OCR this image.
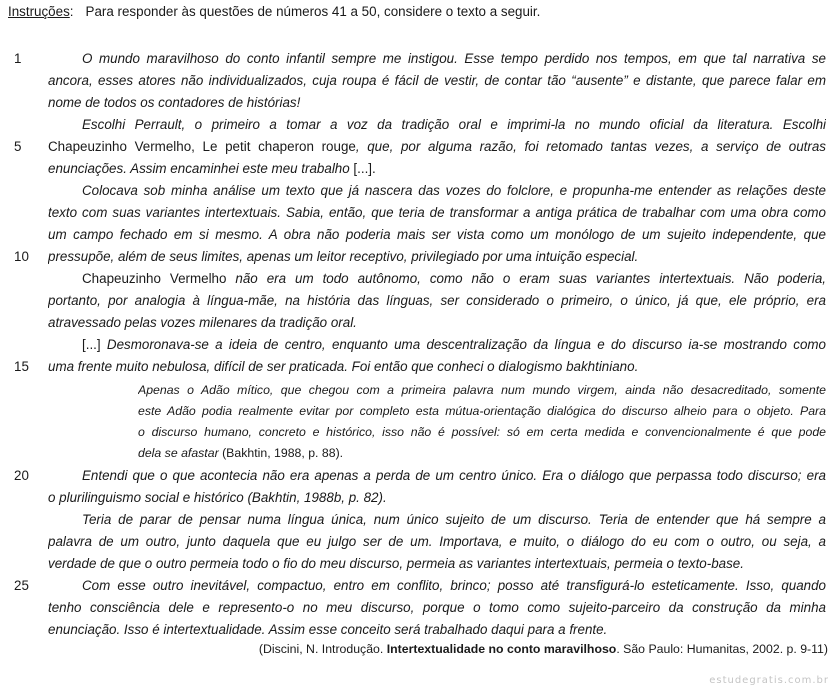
Instruções: Para responder às questões de números 41 a 50, considere o texto a seguir.
1	O mundo maravilhoso do conto infantil sempre me instigou. Esse tempo perdido nos tempos, em que tal narrativa se
ancora, esses atores não individualizados, cuja roupa é fácil de vestir, de contar tão “ausente” e distante, que parece falar em
nome de todos os contadores de histórias!
Escolhi Perrault, o primeiro a tomar a voz da tradição oral e imprimi-la no mundo oficial da literatura. Escolhi
5	Chapeuzinho Vermelho, Le petit chaperon rouge, que, por alguma razão, foi retomado tantas vezes, a serviço de outras
enunciações. Assim encaminhei este meu trabalho [...].
Colocava sob minha análise um texto que já nascera das vozes do folclore, e propunha-me entender as relações deste
texto com suas variantes intertextuais. Sabia, então, que teria de transformar a antiga prática de trabalhar com uma obra como
um campo fechado em si mesmo. A obra não poderia mais ser vista como um monólogo de um sujeito independente, que
10	pressupõe, além de seus limites, apenas um leitor receptivo, privilegiado por uma intuição especial.
Chapeuzinho Vermelho não era um todo autônomo, como não o eram suas variantes intertextuais. Não poderia,
portanto, por analogia à língua-mãe, na história das línguas, ser considerado o primeiro, o único, já que, ele próprio, era
atravessado pelas vozes milenares da tradição oral.
[...] Desmoronava-se a ideia de centro, enquanto uma descentralização da língua e do discurso ia-se mostrando como
15	uma frente muito nebulosa, difícil de ser praticada. Foi então que conheci o dialogismo bakhtiniano.
Apenas o Adão mítico, que chegou com a primeira palavra num mundo virgem, ainda não desacreditado, somente
este Adão podia realmente evitar por completo esta mútua-orientação dialógica do discurso alheio para o objeto. Para
o discurso humano, concreto e histórico, isso não é possível: só em certa medida e convencionalmente é que pode
dela se afastar (Bakhtin, 1988, p. 88).
20	Entendi que o que acontecia não era apenas a perda de um centro único. Era o diálogo que perpassa todo discurso; era
o plurilinguismo social e histórico (Bakhtin, 1988b, p. 82).
Teria de parar de pensar numa língua única, num único sujeito de um discurso. Teria de entender que há sempre a
palavra de um outro, junto daquela que eu julgo ser de um. Importava, e muito, o diálogo do eu com o outro, ou seja, a
verdade de que o outro permeia todo o fio do meu discurso, permeia as variantes intertextuais, permeia o texto-base.
25	Com esse outro inevitável, compactuo, entro em conflito, brinco; posso até transfigurá-lo esteticamente. Isso, quando
tenho consciência dele e represento-o no meu discurso, porque o tomo como sujeito-parceiro da construção da minha
enunciação. Isso é intertextualidade. Assim esse conceito será trabalhado daqui para a frente.
(Discini, N. Introdução. Intertextualidade no conto maravilhoso. São Paulo: Humanitas, 2002. p. 9-11)
estudegratis.com.br
